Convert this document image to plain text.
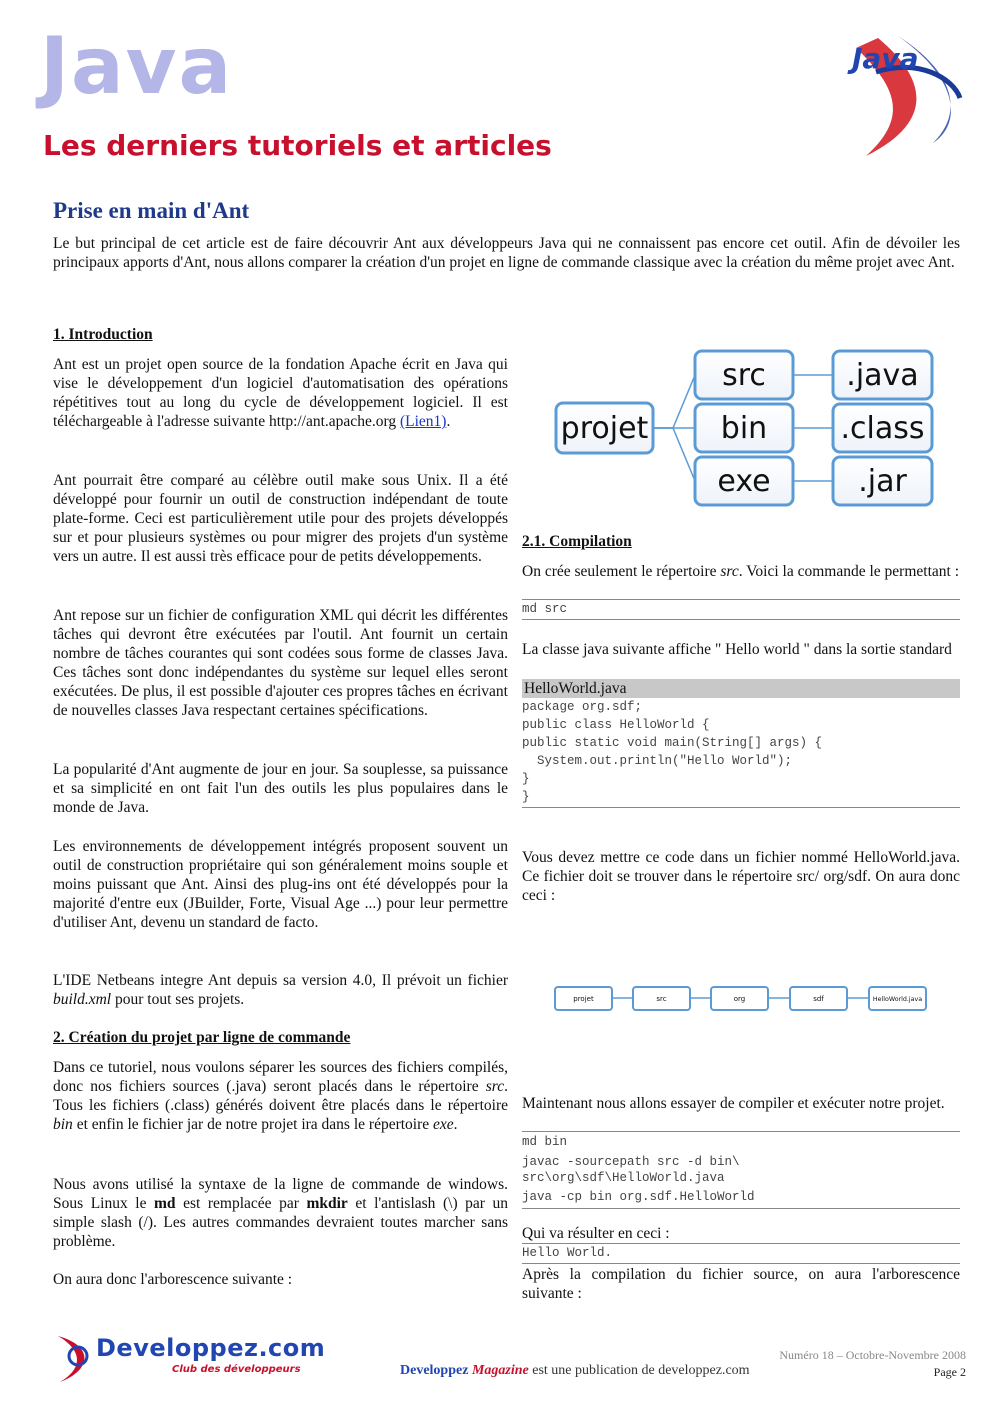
Java
Les derniers tutoriels et articles
Java
Prise en main d'Ant

Le but principal de cet article est de faire découvrir Ant aux développeurs Java qui ne connaissent pas encore cet outil. Afin de dévoiler les principaux apports d'Ant, nous allons comparer la création d'un projet en ligne de commande classique avec la création du même projet avec Ant.

1. Introduction

Ant est un projet open source de la fondation Apache écrit en Java qui vise le développement d'un logiciel d'automatisation des opérations répétitives tout au long du cycle de développement logiciel. Il est téléchargeable à l'adresse suivante http://ant.apache.org (Lien1).

Ant pourrait être comparé au célèbre outil make sous Unix. Il a été développé pour fournir un outil de construction indépendant de toute plate-forme. Ceci est particulièrement utile pour des projets développés sur et pour plusieurs systèmes ou pour migrer des projets d'un système vers un autre. Il est aussi très efficace pour de petits développements.

Ant repose sur un fichier de configuration XML qui décrit les différentes tâches qui devront être exécutées par l'outil. Ant fournit un certain nombre de tâches courantes qui sont codées sous forme de classes Java. Ces tâches sont donc indépendantes du système sur lequel elles seront exécutées. De plus, il est possible d'ajouter ces propres tâches en écrivant de nouvelles classes Java respectant certaines spécifications.

La popularité d'Ant augmente de jour en jour. Sa souplesse, sa puissance et sa simplicité en ont fait l'un des outils les plus populaires dans le monde de Java.

Les environnements de développement intégrés proposent souvent un outil de construction propriétaire qui son généralement moins souple et moins puissant que Ant. Ainsi des plug-ins ont été développés pour la majorité d'entre eux (JBuilder, Forte, Visual Age ...) pour leur permettre d'utiliser Ant, devenu un standard de facto.

L'IDE Netbeans integre Ant depuis sa version 4.0, Il prévoit un fichier build.xml pour tout ses projets.

2. Création du projet par ligne de commande

Dans ce tutoriel, nous voulons séparer les sources des fichiers compilés, donc nos fichiers sources (.java) seront placés dans le répertoire src. Tous les fichiers (.class) générés doivent être placés dans le répertoire bin et enfin le fichier jar de notre projet ira dans le répertoire exe.

Nous avons utilisé la syntaxe de la ligne de commande de windows. Sous Linux le md est remplacée par mkdir et l'antislash (\) par un simple slash (/). Les autres commandes devraient toutes marcher sans problème.

On aura donc l'arborescence suivante :

projet
src
bin
exe
.java
.class
.jar
2.1. Compilation

On crée seulement le répertoire src. Voici la commande le permettant :

md src

La classe java suivante affiche " Hello world " dans la sortie standard

HelloWorld.java
package org.sdf;
public class HelloWorld {
public static void main(String[] args) {
System.out.println("Hello World");
}
}

Vous devez mettre ce code dans un fichier nommé HelloWorld.java. Ce fichier doit se trouver dans le répertoire src/ org/sdf. On aura donc ceci :

projet	src	org	sdf	HelloWorld.java

Maintenant nous allons essayer de compiler et exécuter notre projet.

md bin
javac -sourcepath src -d bin\
src\org\sdf\HelloWorld.java
java -cp bin org.sdf.HelloWorld

Qui va résulter en ceci :

Hello World.

Après la compilation du fichier source, on aura l'arborescence suivante :

Developpez.com
Club des développeurs
Numéro 18 – Octobre-Novembre 2008
Developpez Magazine est une publication de developpez.com	Page 2
